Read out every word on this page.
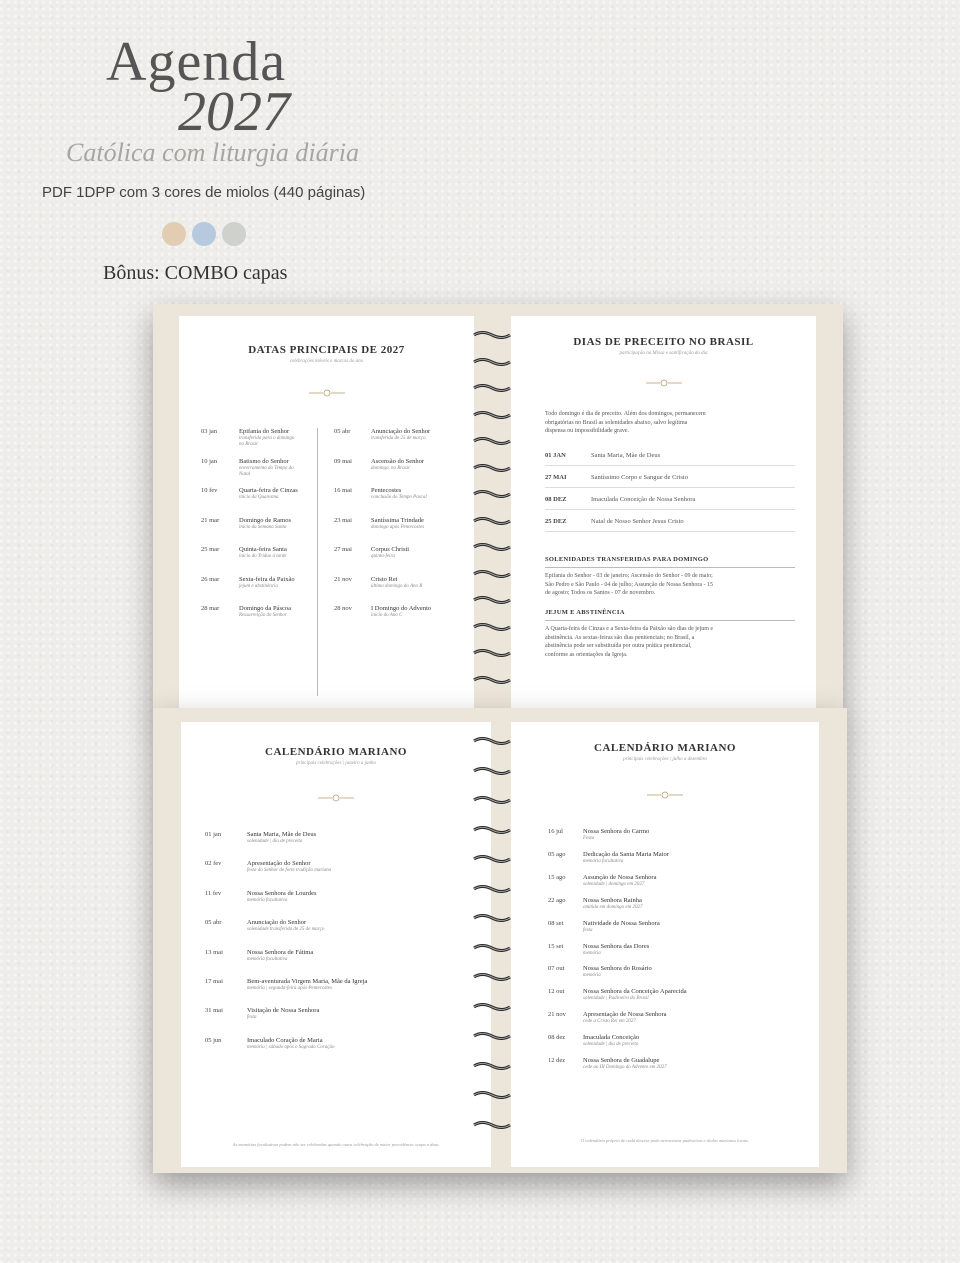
Agenda
2027
Católica com liturgia diária
PDF 1DPP com 3 cores de miolos (440 páginas)
Bônus: COMBO capas
DATAS PRINCIPAIS DE 2027
celebrações móveis e marcos do ano
03 jan	Epifania do Senhor
transferida para o domingo
no Brasil
10 jan	Batismo do Senhor
encerramento do Tempo do
Natal
10 fev	Quarta-feira de Cinzas
início da Quaresma
21 mar	Domingo de Ramos
início da Semana Santa
25 mar	Quinta-feira Santa
início do Tríduo à tarde
26 mar	Sexta-feira da Paixão
jejum e abstinência
28 mar	Domingo da Páscoa
Ressurreição do Senhor
05 abr	Anunciação do Senhor
transferida de 25 de março
09 mai	Ascensão do Senhor
domingo, no Brasil
16 mai	Pentecostes
conclusão do Tempo Pascal
23 mai	Santíssima Trindade
domingo após Pentecostes
27 mai	Corpus Christi
quinta-feira
21 nov	Cristo Rei
último domingo do Ano B
28 nov	I Domingo do Advento
início do Ano C
DIAS DE PRECEITO NO BRASIL
participação na Missa e santificação do dia
Todo domingo é dia de preceito. Além dos domingos, permanecem
obrigatórias no Brasil as solenidades abaixo, salvo legítima
dispensa ou impossibilidade grave.
01 JAN	Santa Maria, Mãe de Deus
27 MAI	Santíssimo Corpo e Sangue de Cristo
08 DEZ	Imaculada Conceição de Nossa Senhora
25 DEZ	Natal de Nosso Senhor Jesus Cristo
SOLENIDADES TRANSFERIDAS PARA DOMINGO
Epifania do Senhor - 03 de janeiro; Ascensão do Senhor - 09 de maio;
São Pedro e São Paulo - 04 de julho; Assunção de Nossa Senhora - 15
de agosto; Todos os Santos - 07 de novembro.
JEJUM E ABSTINÊNCIA
A Quarta-feira de Cinzas e a Sexta-feira da Paixão são dias de jejum e
abstinência. As sextas-feiras são dias penitenciais; no Brasil, a
abstinência pode ser substituída por outra prática penitencial,
conforme as orientações da Igreja.
CALENDÁRIO MARIANO
principais celebrações | janeiro a junho
01 jan	Santa Maria, Mãe de Deus
solenidade | dia de preceito
02 fev	Apresentação do Senhor
festa do Senhor de forte tradição mariana
11 fev	Nossa Senhora de Lourdes
memória facultativa
05 abr	Anunciação do Senhor
solenidade transferida de 25 de março
13 mai	Nossa Senhora de Fátima
memória facultativa
17 mai	Bem-aventurada Virgem Maria, Mãe da Igreja
memória | segunda-feira após Pentecostes
31 mai	Visitação de Nossa Senhora
festa
05 jun	Imaculado Coração de Maria
memória | sábado após o Sagrado Coração
As memórias facultativas podem não ser celebradas quando outra celebração de maior precedência ocupa a data.
CALENDÁRIO MARIANO
principais celebrações | julho a dezembro
16 jul	Nossa Senhora do Carmo
Festa
05 ago	Dedicação da Santa Maria Maior
memória facultativa
15 ago	Assunção de Nossa Senhora
solenidade | domingo em 2027
22 ago	Nossa Senhora Rainha
omitida em domingo em 2027
08 set	Natividade de Nossa Senhora
festa
15 set	Nossa Senhora das Dores
memória
07 out	Nossa Senhora do Rosário
memória
12 out	Nossa Senhora da Conceição Aparecida
solenidade | Padroeira do Brasil
21 nov	Apresentação de Nossa Senhora
cede a Cristo Rei em 2027
08 dez	Imaculada Conceição
solenidade | dia de preceito
12 dez	Nossa Senhora de Guadalupe
cede ao III Domingo do Advento em 2027
O calendário próprio de cada diocese pode acrescentar padroeiras e títulos marianos locais.
